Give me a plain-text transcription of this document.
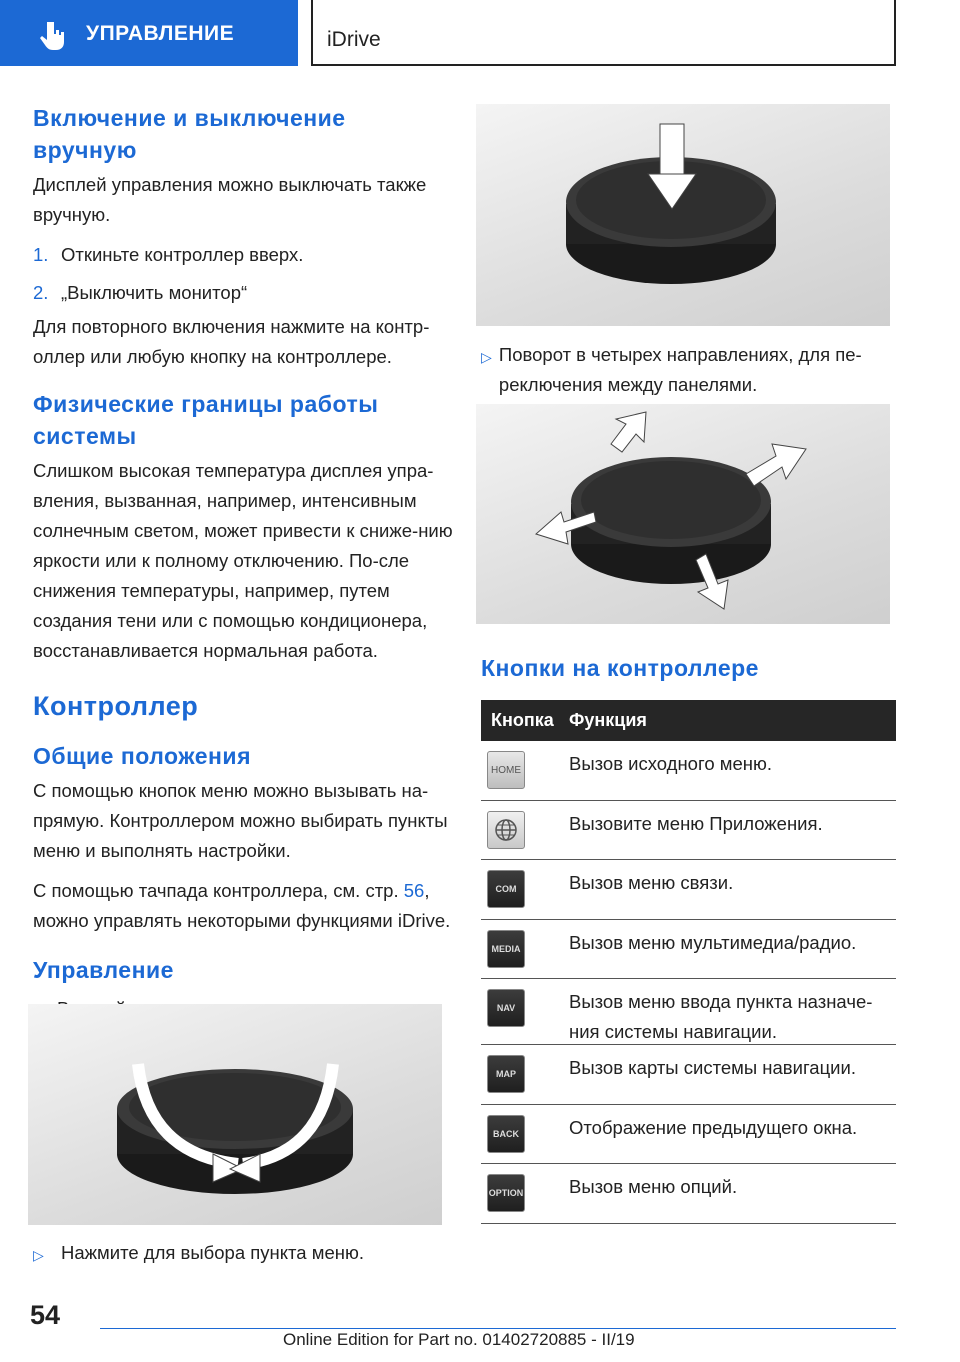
УПРАВЛЕНИЕ	iDrive
Включение и выключение вручную
Дисплей управления можно выключать также вручную.
1. Откиньте контроллер вверх.
2. „Выключить монитор“
Для повторного включения нажмите на контр‐оллер или любую кнопку на контроллере.
Физические границы работы системы
Слишком высокая температура дисплея упра‐вления, вызванная, например, интенсивным солнечным светом, может привести к сниже‐нию яркости или к полному отключению. По‐сле снижения температуры, например, путем создания тени или с помощью кондиционера, восстанавливается нормальная работа.
Контроллер
Общие положения
С помощью кнопок меню можно вызывать на‐прямую. Контроллером можно выбирать пункты меню и выполнять настройки.
С помощью тачпада контроллера, см. стр. 56, можно управлять некоторыми функциями iDrive.
Управление
▷ Нажмите для выбора пункта меню.
▷ Поворот в четырех направлениях, для пе‐реключения между панелями.
Кнопки на контроллере
Кнопка Функция
HOME	Вызов исходного меню.
Вызовите меню Приложения.
COM	Вызов меню связи.
MEDIA	Вызов меню мультимедиа/радио.
NAV	Вызов меню ввода пункта назначе‐ния системы навигации.
MAP	Вызов карты системы навигации.
BACK	Отображение предыдущего окна.
OPTION Вызов меню опций.
54
Online Edition for Part no. 01402720885 - II/19
